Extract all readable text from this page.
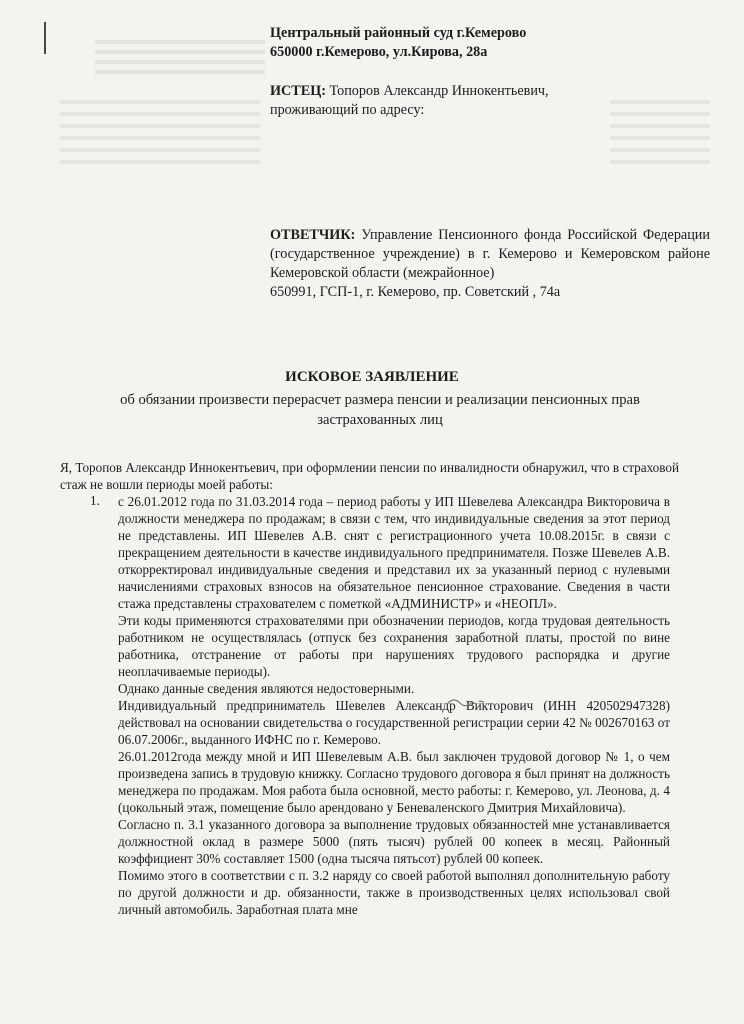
Центральный районный суд г.Кемерово
650000 г.Кемерово, ул.Кирова, 28а
ИСТЕЦ: Топоров Александр Иннокентьевич,
проживающий по адресу:
ОТВЕТЧИК: Управление Пенсионного фонда Российской Федерации (государственное учреждение) в г. Кемерово и Кемеровском районе Кемеровской области (межрайонное)
650991, ГСП-1, г. Кемерово, пр. Советский , 74а
ИСКОВОЕ ЗАЯВЛЕНИЕ
об обязании произвести перерасчет размера пенсии и реализации пенсионных прав
застрахованных лиц
Я, Торопов Александр Иннокентьевич, при оформлении пенсии по инвалидности обнаружил, что в страховой стаж не вошли периоды моей работы:
1. с 26.01.2012 года по 31.03.2014 года – период работы у ИП Шевелева Александра Викторовича в должности менеджера по продажам; в связи с тем, что индивидуальные сведения за этот период не представлены. ИП Шевелев А.В. снят с регистрационного учета 10.08.2015г. в связи с прекращением деятельности в качестве индивидуального предпринимателя. Позже Шевелев А.В. откорректировал индивидуальные сведения и представил их за указанный период с нулевыми начислениями страховых взносов на обязательное пенсионное страхование. Сведения в части стажа представлены страхователем с пометкой «АДМИНИСТР» и «НЕОПЛ».

Эти коды применяются страхователями при обозначении периодов, когда трудовая деятельность работником не осуществлялась (отпуск без сохранения заработной платы, простой по вине работника, отстранение от работы при нарушениях трудового распорядка и другие неоплачиваемые периоды).

Однако данные сведения являются недостоверными.

Индивидуальный предприниматель Шевелев Александр Викторович (ИНН 420502947328) действовал на основании свидетельства о государственной регистрации серии 42 № 002670163 от 06.07.2006г., выданного ИФНС по г. Кемерово.

26.01.2012года между мной и ИП Шевелевым А.В. был заключен трудовой договор № 1, о чем произведена запись в трудовую книжку. Согласно трудового договора я был принят на должность менеджера по продажам. Моя работа была основной, место работы: г. Кемерово, ул. Леонова, д. 4 (цокольный этаж, помещение было арендовано у Беневаленского Дмитрия Михайловича).

Согласно п. 3.1 указанного договора за выполнение трудовых обязанностей мне устанавливается должностной оклад в размере 5000 (пять тысяч) рублей 00 копеек в месяц. Районный коэффициент 30% составляет 1500 (одна тысяча пятьсот) рублей 00 копеек.

Помимо этого в соответствии с п. 3.2 наряду со своей работой выполнял дополнительную работу по другой должности и др. обязанности, также в производственных целях использовал свой личный автомобиль. Заработная плата мне
